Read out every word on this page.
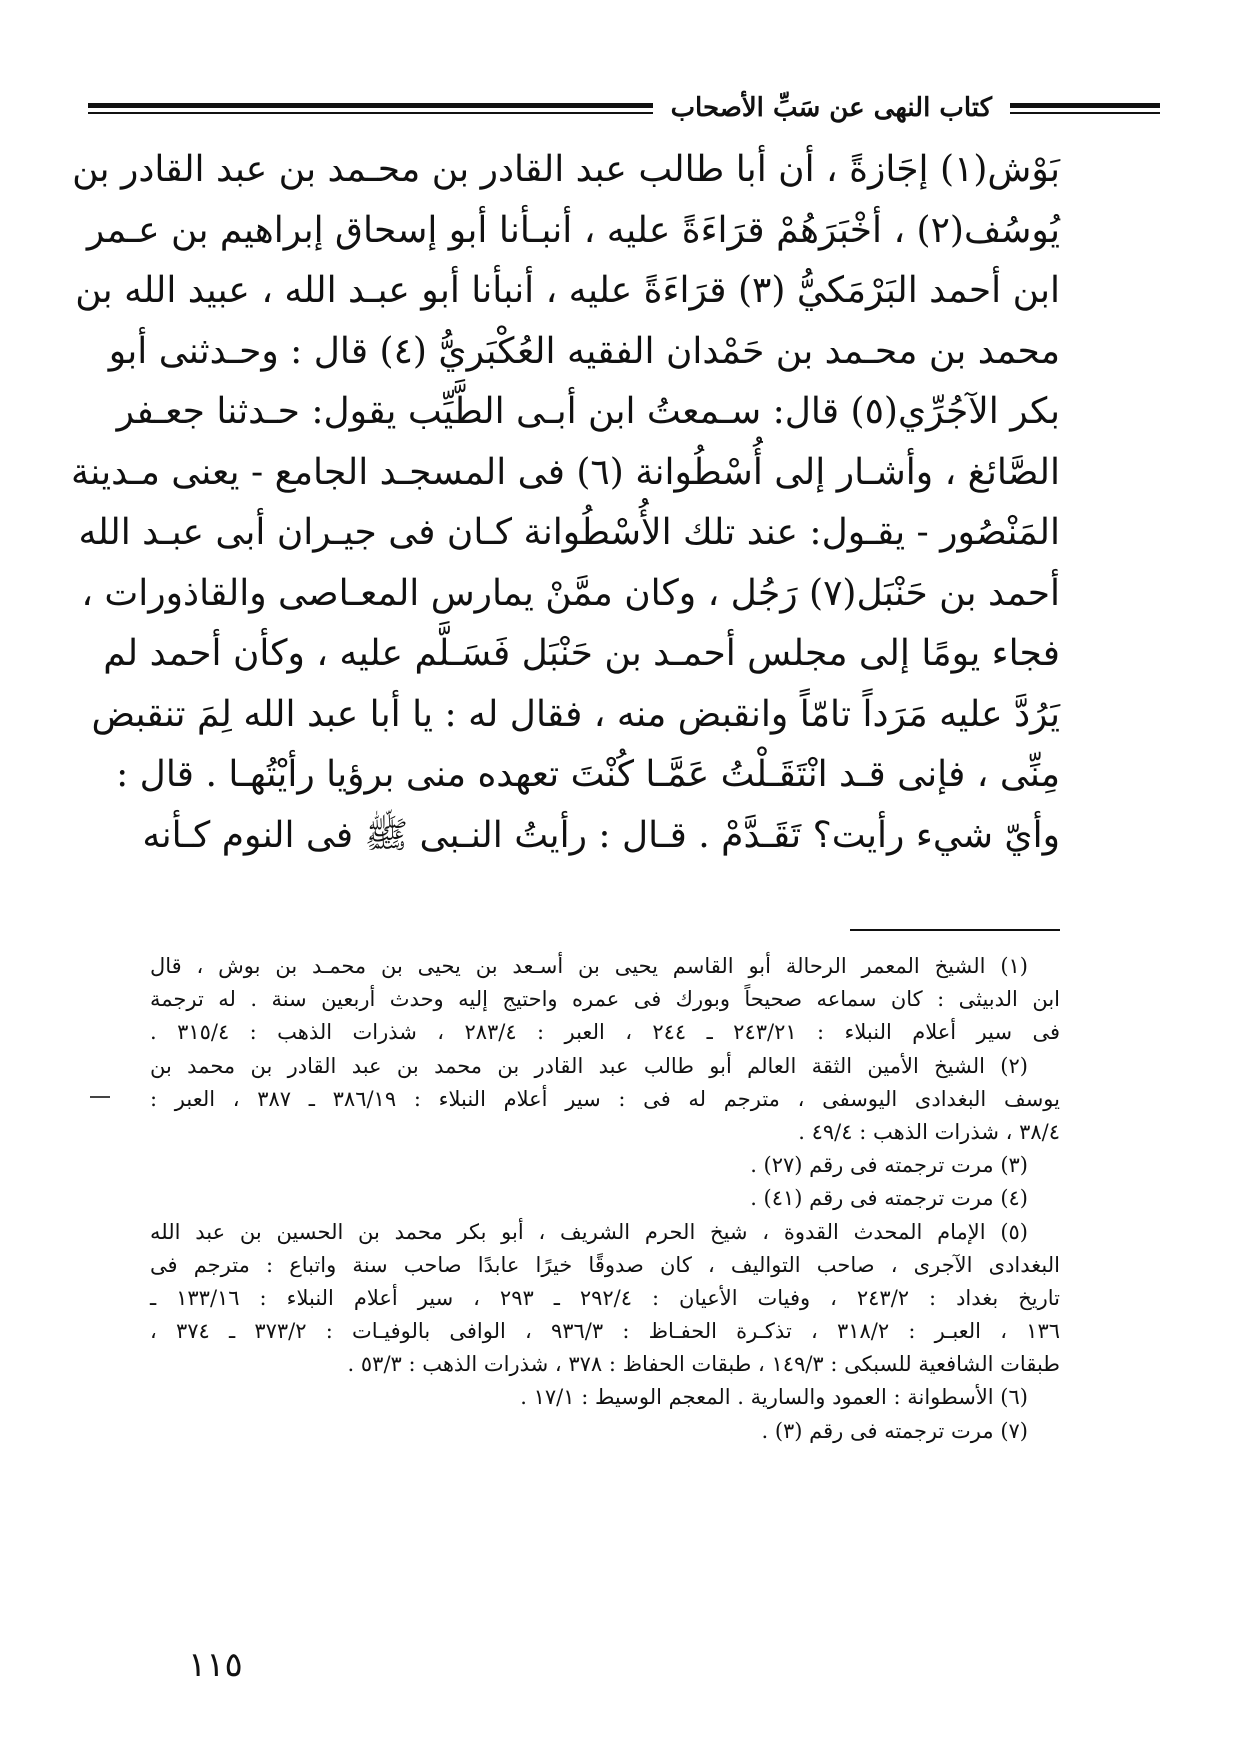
كتاب النهى عن سَبِّ الأصحاب
بَوْش(١) إجَازةً ، أن أبا طالب عبد القادر بن محـمد بن عبد القادر بن
يُوسُف(٢) ، أخْبَرَهُمْ قرَاءَةً عليه ، أنبـأنا أبو إسحاق إبراهيم بن عـمر
ابن أحمد البَرْمَكيُّ (٣) قرَاءَةً عليه ، أنبأنا أبو عبـد الله ، عبيد الله بن
محمد بن محـمد بن حَمْدان الفقيه العُكْبَريُّ (٤) قال : وحـدثنى أبو
بكر الآجُرِّي(٥) قال: سـمعتُ ابن أبـى الطَّيِّب يقول: حـدثنا جعـفر
الصَّائغ ، وأشـار إلى أُسْطُوانة (٦) فى المسجـد الجامع - يعنى مـدينة
المَنْصُور - يقـول: عند تلك الأُسْطُوانة كـان فى جيـران أبى عبـد الله
أحمد بن حَنْبَل(٧) رَجُل ، وكان ممَّنْ يمارس المعـاصى والقاذورات ،
فجاء يومًا إلى مجلس أحمـد بن حَنْبَل فَسَـلَّم عليه ، وكأن أحمد لم
يَرُدَّ عليه مَرَداً تامّاً وانقبض منه ، فقال له : يا أبا عبد الله لِمَ تنقبض
مِنِّى ، فإنى قـد انْتَقَـلْتُ عَمَّـا كُنْتَ تعهده منى برؤيا رأيْتُهـا . قال :
وأيّ شيء رأيت؟ تَقَـدَّمْ . قـال : رأيتُ النـبى ﷺ فى النوم كـأنه
(١) الشيخ المعمر الرحالة أبو القاسم يحيى بن أسـعد بن يحيى بن محمـد بن بوش ، قال
ابن الدبيثى : كان سماعه صحيحاً وبورك فى عمره واحتيج إليه وحدث أربعين سنة . له ترجمة
فى سير أعلام النبلاء : ٢٤٣/٢١ ـ ٢٤٤ ، العبر : ٢٨٣/٤ ، شذرات الذهب : ٣١٥/٤ .
(٢) الشيخ الأمين الثقة العالم أبو طالب عبد القادر بن محمد بن عبد القادر بن محمد بن
يوسف البغدادى اليوسفى ، مترجم له فى : سير أعلام النبلاء : ٣٨٦/١٩ ـ ٣٨٧ ، العبر :
٣٨/٤ ، شذرات الذهب : ٤٩/٤ .
(٣) مرت ترجمته فى رقم (٢٧) .
(٤) مرت ترجمته فى رقم (٤١) .
(٥) الإمام المحدث القدوة ، شيخ الحرم الشريف ، أبو بكر محمد بن الحسين بن عبد الله
البغدادى الآجرى ، صاحب التواليف ، كان صدوقًا خيرًا عابدًا صاحب سنة واتباع : مترجم فى
تاريخ بغداد : ٢٤٣/٢ ، وفيات الأعيان : ٢٩٢/٤ ـ ٢٩٣ ، سير أعلام النبلاء : ١٣٣/١٦ ـ
١٣٦ ، العبـر : ٣١٨/٢ ، تذكـرة الحفـاظ : ٩٣٦/٣ ، الوافى بالوفيـات : ٣٧٣/٢ ـ ٣٧٤ ،
طبقات الشافعية للسبكى : ١٤٩/٣ ، طبقات الحفاظ : ٣٧٨ ، شذرات الذهب : ٥٣/٣ .
(٦) الأسطوانة : العمود والسارية . المعجم الوسيط : ١٧/١ .
(٧) مرت ترجمته فى رقم (٣) .
١١٥
